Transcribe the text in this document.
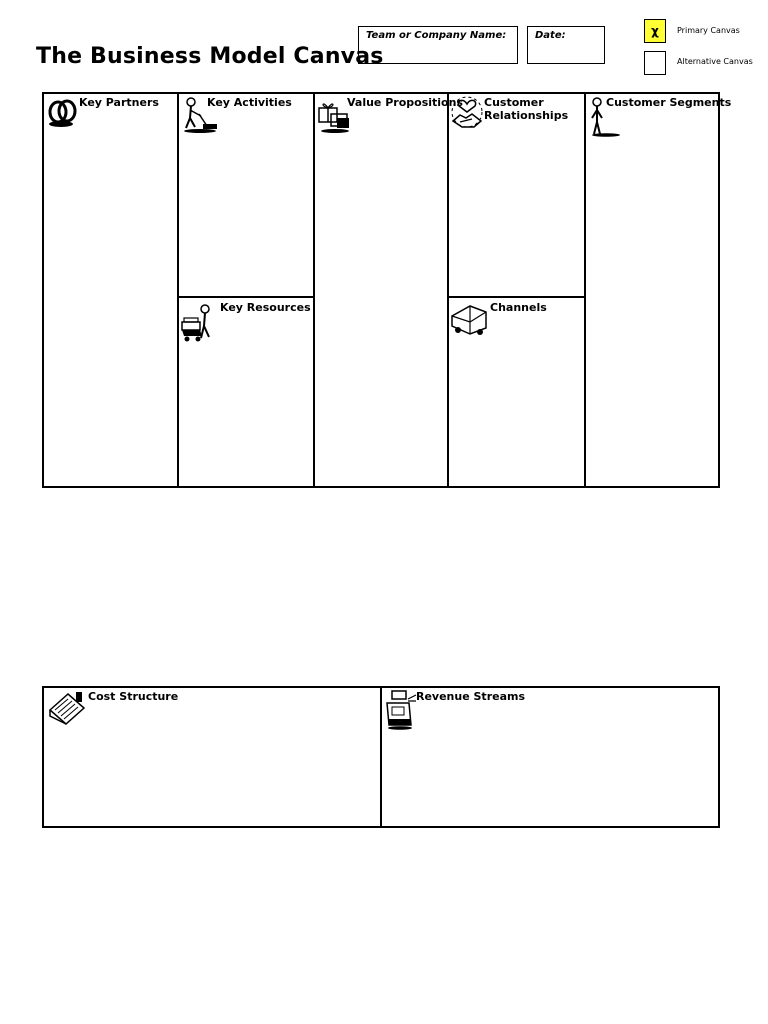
The Business Model Canvas
Team or Company Name:	Date:	χ	Primary Canvas
Alternative Canvas
Key Partners	Key Activities
Key Resources
Value Propositions Customer
Relationships
Channels
Customer Segments
Cost Structure	Revenue Streams
